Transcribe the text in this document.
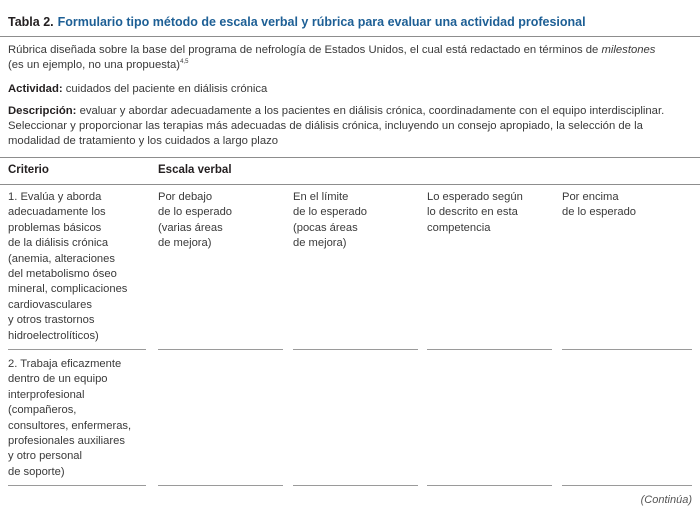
Tabla 2. Formulario tipo método de escala verbal y rúbrica para evaluar una actividad profesional
Rúbrica diseñada sobre la base del programa de nefrología de Estados Unidos, el cual está redactado en términos de milestones
(es un ejemplo, no una propuesta)$^{4,5}$
Actividad: cuidados del paciente en diálisis crónica
Descripción: evaluar y abordar adecuadamente a los pacientes en diálisis crónica, coordinadamente con el equipo interdisciplinar. Seleccionar y proporcionar las terapias más adecuadas de diálisis crónica, incluyendo un consejo apropiado, la selección de la modalidad de tratamiento y los cuidados a largo plazo
Criterio	Escala verbal
1. Evalúa y aborda
adecuadamente los
problemas básicos
de la diálisis crónica
(anemia, alteraciones
del metabolismo óseo
mineral, complicaciones
cardiovasculares
y otros trastornos
hidroelectrolíticos)
Por debajo
de lo esperado
(varias áreas
de mejora)
En el límite
de lo esperado
(pocas áreas
de mejora)
Lo esperado según
lo descrito en esta
competencia
Por encima
de lo esperado
2. Trabaja eficazmente
dentro de un equipo
interprofesional
(compañeros,
consultores, enfermeras,
profesionales auxiliares
y otro personal
de soporte)
(Continúa)
